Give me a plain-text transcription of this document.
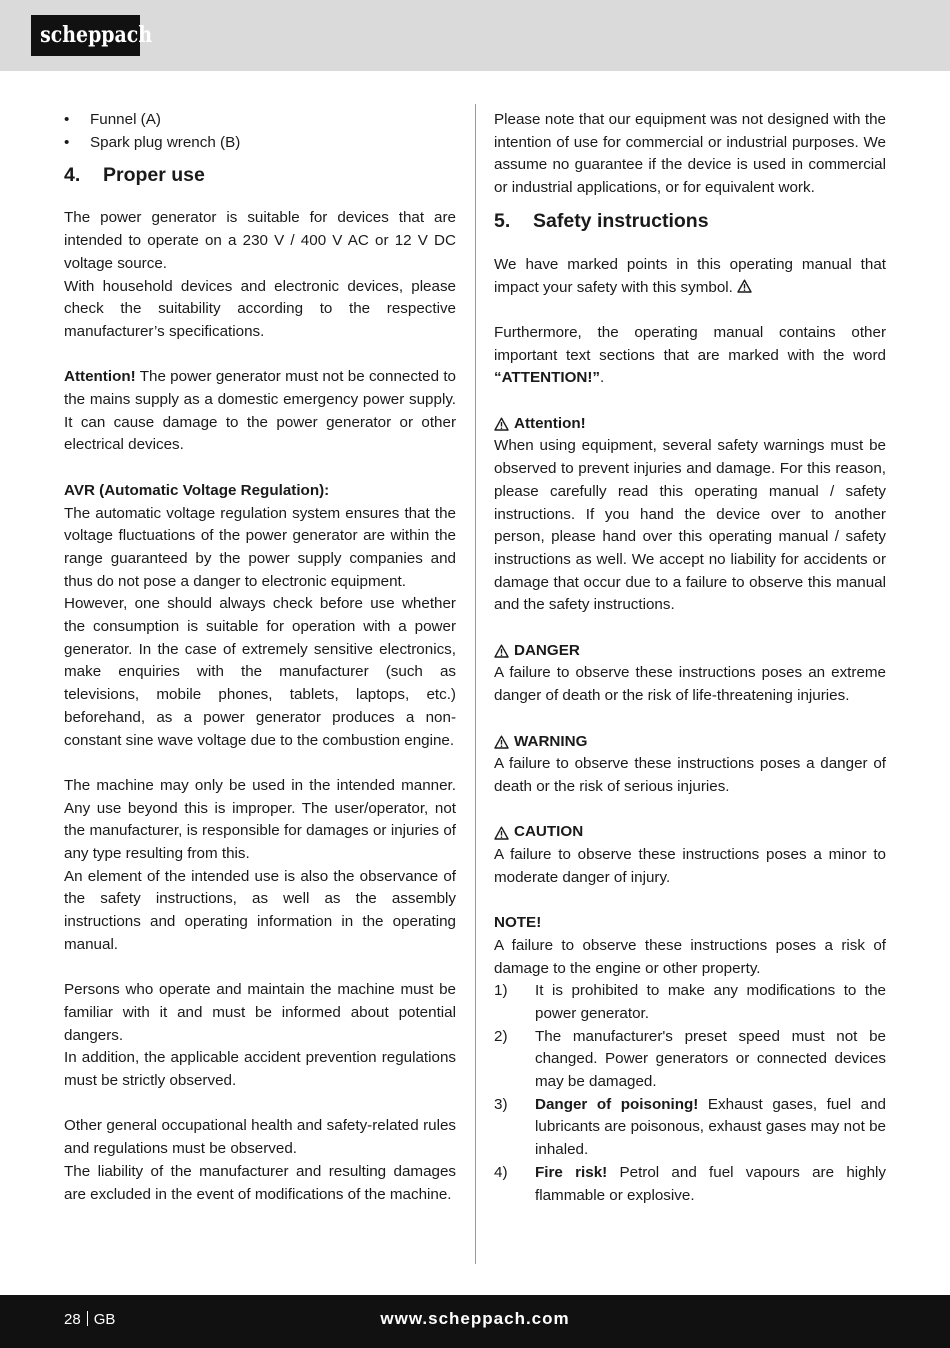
scheppach
• Funnel (A)
• Spark plug wrench (B)
4.	Proper use

The power generator is suitable for devices that are intended to operate on a 230 V / 400 V AC or 12 V DC voltage source.

With household devices and electronic devices, please check the suitability according to the respective manufacturer’s specifications.

Attention! The power generator must not be connected to the mains supply as a domestic emergency power supply. It can cause damage to the power generator or other electrical devices.

AVR (Automatic Voltage Regulation):

The automatic voltage regulation system ensures that the voltage fluctuations of the power generator are within the range guaranteed by the power supply companies and thus do not pose a danger to electronic equipment.

However, one should always check before use whether the consumption is suitable for operation with a power generator. In the case of extremely sensitive electronics, make enquiries with the manufacturer (such as televisions, mobile phones, tablets, laptops, etc.) beforehand, as a power generator produces a non-constant sine wave voltage due to the combustion engine.

The machine may only be used in the intended manner. Any use beyond this is improper. The user/operator, not the manufacturer, is responsible for damages or injuries of any type resulting from this.

An element of the intended use is also the observance of the safety instructions, as well as the assembly instructions and operating information in the operating manual.

Persons who operate and maintain the machine must be familiar with it and must be informed about potential dangers.

In addition, the applicable accident prevention regulations must be strictly observed.

Other general occupational health and safety-related rules and regulations must be observed.

The liability of the manufacturer and resulting damages are excluded in the event of modifications of the machine.

Please note that our equipment was not designed with the intention of use for commercial or industrial purposes. We assume no guarantee if the device is used in commercial or industrial applications, or for equivalent work.

5.	Safety instructions

We have marked points in this operating manual that impact your safety with this symbol.

Furthermore, the operating manual contains other important text sections that are marked with the word “ATTENTION!”.

Attention!

When using equipment, several safety warnings must be observed to prevent injuries and damage. For this reason, please carefully read this operating manual / safety instructions. If you hand the device over to another person, please hand over this operating manual / safety instructions as well. We accept no liability for accidents or damage that occur due to a failure to observe this manual and the safety instructions.

DANGER

A failure to observe these instructions poses an extreme danger of death or the risk of life-threatening injuries.

WARNING

A failure to observe these instructions poses a danger of death or the risk of serious injuries.

CAUTION

A failure to observe these instructions poses a minor to moderate danger of injury.

NOTE!

A failure to observe these instructions poses a risk of damage to the engine or other property.

1)	It is prohibited to make any modifications to the power generator.
2)	The manufacturer's preset speed must not be changed. Power generators or connected devices may be damaged.
3)	Danger of poisoning! Exhaust gases, fuel and lubricants are poisonous, exhaust gases may not be inhaled.
4)	Fire risk! Petrol and fuel vapours are highly flammable or explosive.
28 GB	www.scheppach.com
